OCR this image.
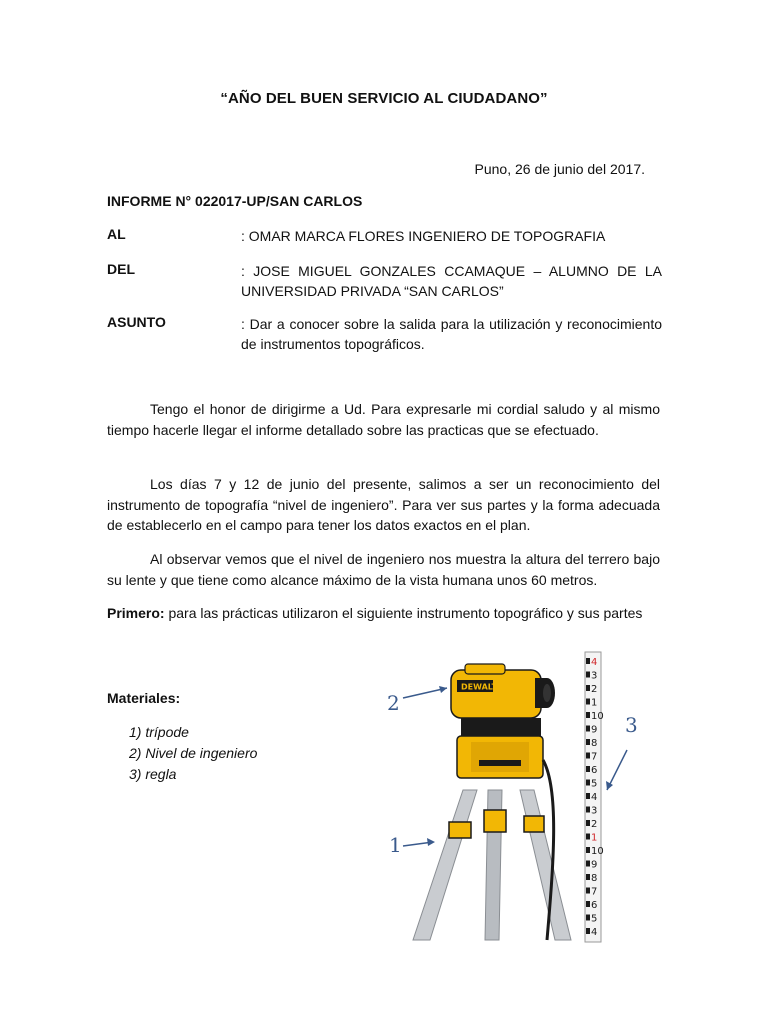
“AÑO DEL BUEN SERVICIO AL CIUDADANO”
Puno, 26 de junio del 2017.
INFORME N° 022017-UP/SAN CARLOS
AL	: OMAR MARCA FLORES INGENIERO DE TOPOGRAFIA
DEL	: JOSE MIGUEL GONZALES CCAMAQUE – ALUMNO DE LA
UNIVERSIDAD PRIVADA “SAN CARLOS”
ASUNTO	: Dar a conocer sobre la salida para la utilización y reconocimiento de instrumentos topográficos.

Tengo el honor de dirigirme a Ud. Para expresarle mi cordial saludo y al mismo tiempo hacerle llegar el informe detallado sobre las practicas que se efectuado.

Los días 7 y 12 de junio del presente, salimos a ser un reconocimiento del instrumento de topografía “nivel de ingeniero”. Para ver sus partes y la forma adecuada de establecerlo en el campo para tener los datos exactos en el plan.

Al observar vemos que el nivel de ingeniero nos muestra la altura del terrero bajo su lente y que tiene como alcance máximo de la vista humana unos 60 metros.

Primero: para las prácticas utilizaron el siguiente instrumento topográfico y sus partes
Materiales:
1) trípode
2) Nivel de ingeniero
3) regla
DEWALT
4
3
2
1
10
9
8
7
6
5
4
3
2
1
10
9
8
7
6
5
4
2
3
1
